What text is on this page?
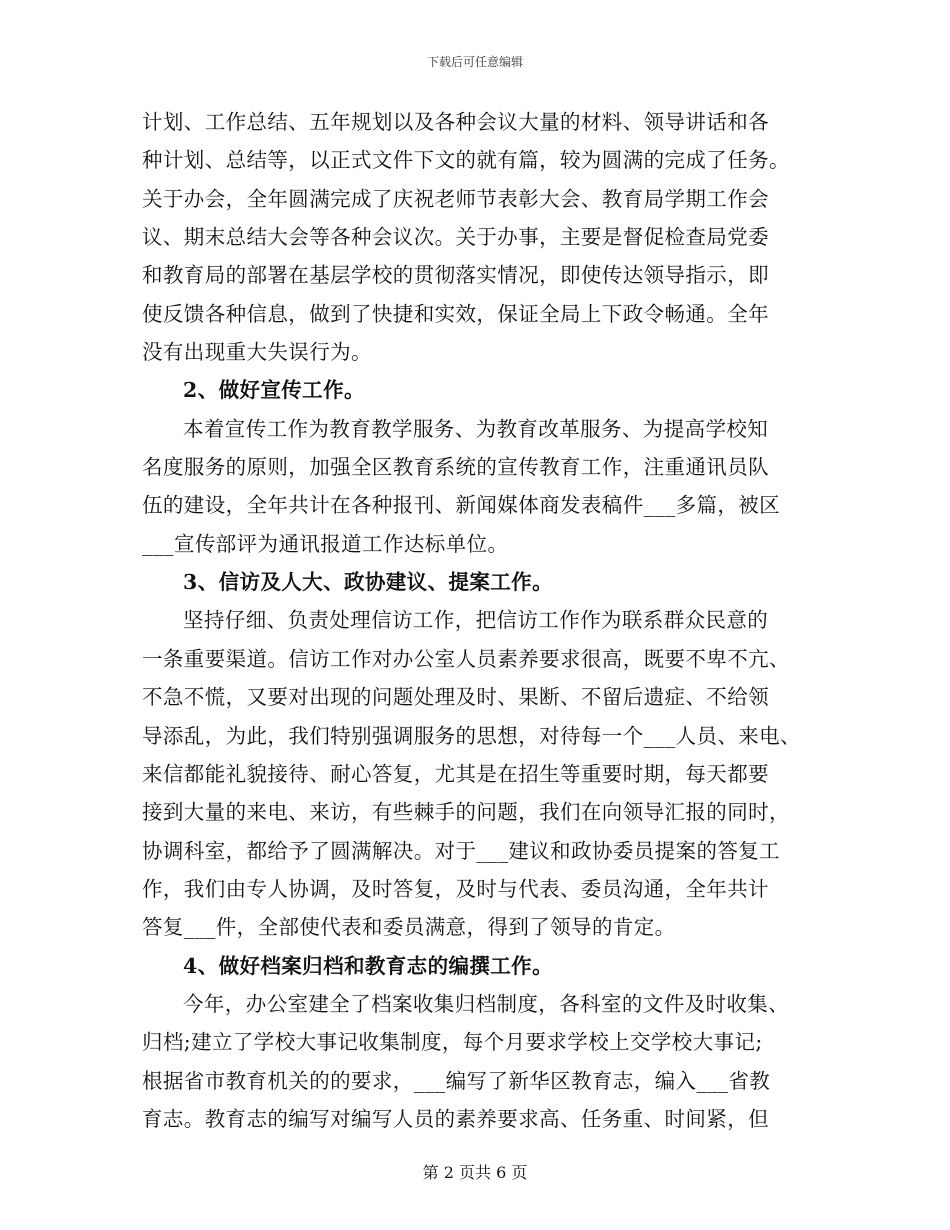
下载后可任意编辑
计划、工作总结、五年规划以及各种会议大量的材料、领导讲话和各
种计划、总结等，以正式文件下文的就有篇，较为圆满的完成了任务。
关于办会，全年圆满完成了庆祝老师节表彰大会、教育局学期工作会
议、期末总结大会等各种会议次。关于办事，主要是督促检查局党委
和教育局的部署在基层学校的贯彻落实情况，即使传达领导指示，即
使反馈各种信息，做到了快捷和实效，保证全局上下政令畅通。全年
没有出现重大失误行为。
2、做好宣传工作。
本着宣传工作为教育教学服务、为教育改革服务、为提高学校知
名度服务的原则，加强全区教育系统的宣传教育工作，注重通讯员队
伍的建设，全年共计在各种报刊、新闻媒体商发表稿件___多篇，被区
___宣传部评为通讯报道工作达标单位。
3、信访及人大、政协建议、提案工作。
坚持仔细、负责处理信访工作，把信访工作作为联系群众民意的
一条重要渠道。信访工作对办公室人员素养要求很高，既要不卑不亢、
不急不慌，又要对出现的问题处理及时、果断、不留后遗症、不给领
导添乱，为此，我们特别强调服务的思想，对待每一个___人员、来电、
来信都能礼貌接待、耐心答复，尤其是在招生等重要时期，每天都要
接到大量的来电、来访，有些棘手的问题，我们在向领导汇报的同时，
协调科室，都给予了圆满解决。对于___建议和政协委员提案的答复工
作，我们由专人协调，及时答复，及时与代表、委员沟通，全年共计
答复___件，全部使代表和委员满意，得到了领导的肯定。
4、做好档案归档和教育志的编撰工作。
今年，办公室建全了档案收集归档制度，各科室的文件及时收集、
归档;建立了学校大事记收集制度，每个月要求学校上交学校大事记;
根据省市教育机关的的要求，___编写了新华区教育志，编入___省教
育志。教育志的编写对编写人员的素养要求高、任务重、时间紧，但
第 2 页共 6 页
